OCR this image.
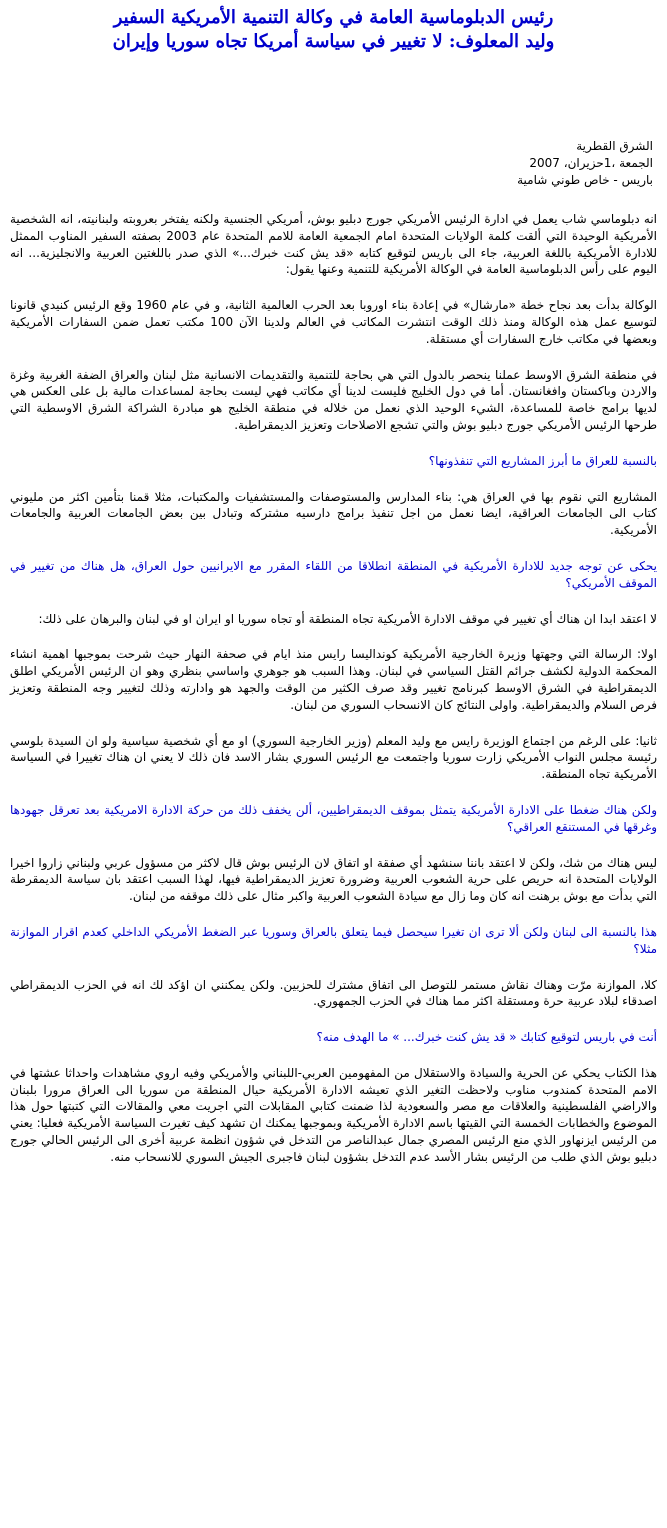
رئيس الدبلوماسية العامة في وكالة التنمية الأمريكية السفير
وليد المعلوف: لا تغيير في سياسة أمريكا تجاه سوريا وإيران
الشرق القطرية
الجمعة ،1حزيران، 2007
باريس - خاص طوني شامية

انه دبلوماسي شاب يعمل في ادارة الرئيس الأمريكي جورج دبليو بوش، أمريكي الجنسية ولكنه يفتخر بعروبته ولبنانيته، انه الشخصية الأمريكية الوحيدة التي ألقت كلمة الولايات المتحدة امام الجمعية العامة للامم المتحدة عام 2003 بصفته السفير المناوب الممثل للادارة الأمريكية باللغة العربية، جاء الى باريس لتوقيع كتابه «قد يش كنت خبرك...» الذي صدر باللغتين العربية والانجليزية... انه اليوم على رأس الدبلوماسية العامة في الوكالة الأمريكية للتنمية وعنها يقول:

الوكالة بدأت بعد نجاح خطة «مارشال» في إعادة بناء اوروبا بعد الحرب العالمية الثانية، و في عام 1960 وقع الرئيس كنيدي قانونا لتوسيع عمل هذه الوكالة ومنذ ذلك الوقت انتشرت المكاتب في العالم ولدينا الآن 100 مكتب تعمل ضمن السفارات الأمريكية وبعضها في مكاتب خارج السفارات أي مستقلة.

في منطقة الشرق الاوسط عملنا ينحصر بالدول التي هي بحاجة للتنمية والتقديمات الانسانية مثل لبنان والعراق الضفة الغربية وغزة والاردن وباكستان وافغانستان. أما في دول الخليج فليست لدينا أي مكاتب فهي ليست بحاجة لمساعدات مالية بل على العكس هي لديها برامج خاصة للمساعدة، الشيء الوحيد الذي نعمل من خلاله في منطقة الخليج هو مبادرة الشراكة الشرق الاوسطية التي طرحها الرئيس الأمريكي جورج دبليو بوش والتي تشجع الاصلاحات وتعزيز الديمقراطية.

بالنسبة للعراق ما أبرز المشاريع التي تنفذونها؟

المشاريع التي نقوم بها في العراق هي: بناء المدارس والمستوصفات والمستشفيات والمكتبات، مثلا قمنا بتأمين اكثر من مليوني كتاب الى الجامعات العراقية، ايضا نعمل من اجل تنفيذ برامج دارسيه مشتركه وتبادل بين بعض الجامعات العربية والجامعات الأمريكية.

يحكى عن توجه جديد للادارة الأمريكية في المنطقة انطلاقا من اللقاء المقرر مع الايرانيين حول العراق، هل هناك من تغيير في الموقف الأمريكي؟

لا اعتقد ابدا ان هناك أي تغيير في موقف الادارة الأمريكية تجاه المنطقة أو تجاه سوريا او ايران او في لبنان والبرهان على ذلك:

اولا: الرسالة التي وجهتها وزيرة الخارجية الأمريكية كونداليسا رايس منذ ايام في صحفة النهار حيث شرحت بموجبها اهمية انشاء المحكمة الدولية لكشف جرائم القتل السياسي في لبنان. وهذا السبب هو جوهري واساسي بنظري وهو ان الرئيس الأمريكي اطلق الديمقراطية في الشرق الاوسط كبرنامج تغيير وقد صرف الكثير من الوقت والجهد هو وادارته وذلك لتغيير وجه المنطقة وتعزيز فرص السلام والديمقراطية. واولى النتائج كان الانسحاب السوري من لبنان.

ثانيا: على الرغم من اجتماع الوزيرة رايس مع وليد المعلم (وزير الخارجية السوري) او مع أي شخصية سياسية ولو ان السيدة بلوسي رئيسة مجلس النواب الأمريكي زارت سوريا واجتمعت مع الرئيس السوري بشار الاسد فان ذلك لا يعني ان هناك تغييرا في السياسة الأمريكية تجاه المنطقة.

ولكن هناك ضغطا على الادارة الأمريكية يتمثل بموقف الديمقراطيين، ألن يخفف ذلك من حركة الادارة الامريكية بعد تعرقل جهودها وغرقها في المستنقع العراقي؟

ليس هناك من شك، ولكن لا اعتقد باننا سنشهد أي صفقة او اتفاق لان الرئيس بوش قال لاكثر من مسؤول عربي ولبناني زاروا اخيرا الولايات المتحدة انه حريص على حرية الشعوب العربية وضرورة تعزيز الديمقراطية فيها، لهذا السبب اعتقد بان سياسة الديمقرطة التي بدأت مع بوش برهنت انه كان وما زال مع سيادة الشعوب العربية واكبر مثال على ذلك موقفه من لبنان.

هذا بالنسبة الى لبنان ولكن ألا ترى ان تغيرا سيحصل فيما يتعلق بالعراق وسوريا عبر الضغط الأمريكي الداخلي كعدم اقرار الموازنة مثلا؟

كلا، الموازنة مرّت وهناك نقاش مستمر للتوصل الى اتفاق مشترك للحزبين. ولكن يمكنني ان اؤكد لك انه في الحزب الديمقراطي اصدقاء لبلاد عربية حرة ومستقلة اكثر مما هناك في الحزب الجمهوري.

أنت في باريس لتوقيع كتابك « قد يش كنت خبرك... » ما الهدف منه؟

هذا الكتاب يحكي عن الحرية والسيادة والاستقلال من المفهومين العربي-اللبناني والأمريكي وفيه اروي مشاهدات واحداثا عشتها في الامم المتحدة كمندوب مناوب ولاحظت التغير الذي تعيشه الادارة الأمريكية حيال المنطقة من سوريا الى العراق مرورا بلبنان والاراضي الفلسطينية والعلاقات مع مصر والسعودية لذا ضمنت كتابي المقابلات التي اجريت معي والمقالات التي كتبتها حول هذا الموضوع والخطابات الخمسة التي القيتها باسم الادارة الأمريكية وبموجبها يمكنك ان تشهد كيف تغيرت السياسة الأمريكية فعليا: يعني من الرئيس ايزنهاور الذي منع الرئيس المصري جمال عبدالناصر من التدخل في شؤون انظمة عربية أخرى الى الرئيس الحالي جورج دبليو بوش الذي طلب من الرئيس بشار الأسد عدم التدخل بشؤون لبنان فاجبرى الجيش السوري للانسحاب منه.
